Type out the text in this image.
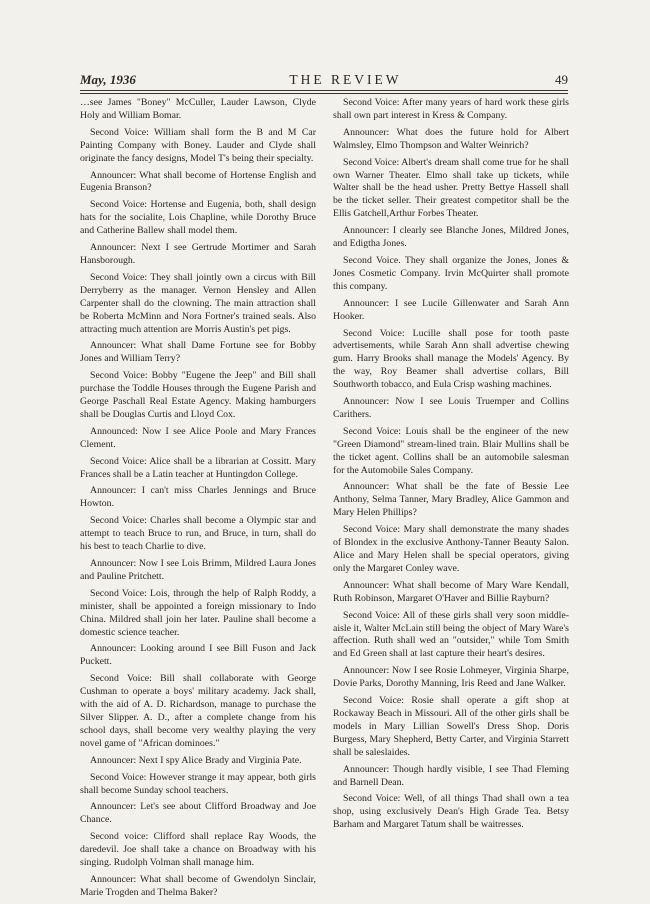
May, 1936	THE REVIEW	49

…see James "Boney" McCuller, Lauder Lawson, Clyde Holy and William Bomar.

Second Voice: William shall form the B and M Car Painting Company with Boney. Lauder and Clyde shall originate the fancy designs, Model T's being their specialty.

Announcer: What shall become of Hortense English and Eugenia Branson?

Second Voice: Hortense and Eugenia, both, shall design hats for the socialite, Lois Chapline, while Dorothy Bruce and Catherine Ballew shall model them.

Announcer: Next I see Gertrude Mortimer and Sarah Hansborough.

Second Voice: They shall jointly own a circus with Bill Derryberry as the manager. Vernon Hensley and Allen Carpenter shall do the clowning. The main attraction shall be Roberta McMinn and Nora Fortner's trained seals. Also attracting much attention are Morris Austin's pet pigs.

Announcer: What shall Dame Fortune see for Bobby Jones and William Terry?

Second Voice: Bobby "Eugene the Jeep" and Bill shall purchase the Toddle Houses through the Eugene Parish and George Paschall Real Estate Agency. Making hamburgers shall be Douglas Curtis and Lloyd Cox.

Announced: Now I see Alice Poole and Mary Frances Clement.

Second Voice: Alice shall be a librarian at Cossitt. Mary Frances shall be a Latin teacher at Huntingdon College.

Announcer: I can't miss Charles Jennings and Bruce Howton.

Second Voice: Charles shall become a Olympic star and attempt to teach Bruce to run, and Bruce, in turn, shall do his best to teach Charlie to dive.

Announcer: Now I see Lois Brimm, Mildred Laura Jones and Pauline Pritchett.

Second Voice: Lois, through the help of Ralph Roddy, a minister, shall be appointed a foreign missionary to Indo China. Mildred shall join her later. Pauline shall become a domestic science teacher.

Announcer: Looking around I see Bill Fuson and Jack Puckett.

Second Voice: Bill shall collaborate with George Cushman to operate a boys' military academy. Jack shall, with the aid of A. D. Richardson, manage to purchase the Silver Slipper. A. D., after a complete change from his school days, shall become very wealthy playing the very novel game of "African dominoes."

Announcer: Next I spy Alice Brady and Virginia Pate.

Second Voice: However strange it may appear, both girls shall become Sunday school teachers.

Announcer: Let's see about Clifford Broadway and Joe Chance.

Second voice: Clifford shall replace Ray Woods, the daredevil. Joe shall take a chance on Broadway with his singing. Rudolph Volman shall manage him.

Announcer: What shall become of Gwendolyn Sinclair, Marie Trogden and Thelma Baker?

Second Voice: After many years of hard work these girls shall own part interest in Kress & Company.

Announcer: What does the future hold for Albert Walmsley, Elmo Thompson and Walter Weinrich?

Second Voice: Albert's dream shall come true for he shall own Warner Theater. Elmo shall take up tickets, while Walter shall be the head usher. Pretty Bettye Hassell shall be the ticket seller. Their greatest competitor shall be the Ellis Gatchell,Arthur Forbes Theater.

Announcer: I clearly see Blanche Jones, Mildred Jones, and Edigtha Jones.

Second Voice. They shall organize the Jones, Jones & Jones Cosmetic Company. Irvin McQuirter shall promote this company.

Announcer: I see Lucile Gillenwater and Sarah Ann Hooker.

Second Voice: Lucille shall pose for tooth paste advertisements, while Sarah Ann shall advertise chewing gum. Harry Brooks shall manage the Models' Agency. By the way, Roy Beamer shall advertise collars, Bill Southworth tobacco, and Eula Crisp washing machines.

Announcer: Now I see Louis Truemper and Collins Carithers.

Second Voice: Louis shall be the engineer of the new "Green Diamond" stream-lined train. Blair Mullins shall be the ticket agent. Collins shall be an automobile salesman for the Automobile Sales Company.

Announcer: What shall be the fate of Bessie Lee Anthony, Selma Tanner, Mary Bradley, Alice Gammon and Mary Helen Phillips?

Second Voice: Mary shall demonstrate the many shades of Blondex in the exclusive Anthony-Tanner Beauty Salon. Alice and Mary Helen shall be special operators, giving only the Margaret Conley wave.

Announcer: What shall become of Mary Ware Kendall, Ruth Robinson, Margaret O'Haver and Billie Rayburn?

Second Voice: All of these girls shall very soon middle-aisle it, Walter McLain still being the object of Mary Ware's affection. Ruth shall wed an "outsider," while Tom Smith and Ed Green shall at last capture their heart's desires.

Announcer: Now I see Rosie Lohmeyer, Virginia Sharpe, Dovie Parks, Dorothy Manning, Iris Reed and Jane Walker.

Second Voice: Rosie shall operate a gift shop at Rockaway Beach in Missouri. All of the other girls shall be models in Mary Lillian Sowell's Dress Shop. Doris Burgess, Mary Shepherd, Betty Carter, and Virginia Starrett shall be saleslaides.

Announcer: Though hardly visible, I see Thad Fleming and Barnell Dean.

Second Voice: Well, of all things Thad shall own a tea shop, using exclusively Dean's High Grade Tea. Betsy Barham and Margaret Tatum shall be waitresses.
